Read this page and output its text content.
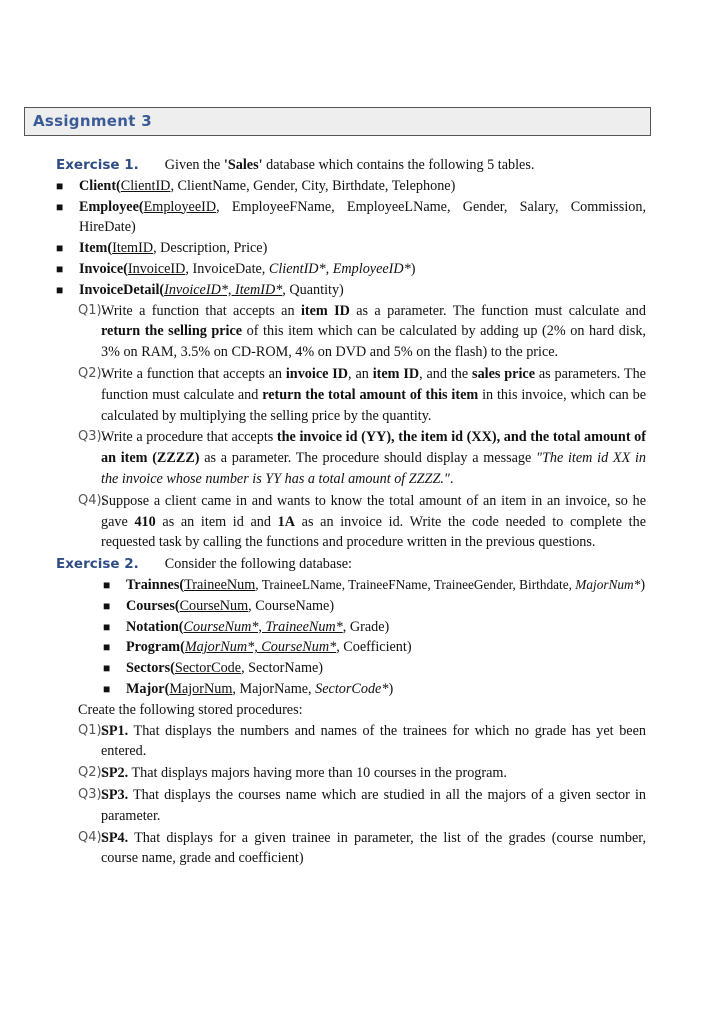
Assignment 3

Exercise 1. Given the 'Sales' database which contains the following 5 tables.

■ Client(ClientID, ClientName, Gender, City, Birthdate, Telephone)
■ Employee(EmployeeID, EmployeeFName, EmployeeLName, Gender, Salary, Commission, HireDate)
■ Item(ItemID, Description, Price)
■ Invoice(InvoiceID, InvoiceDate, ClientID*, EmployeeID*)
■ InvoiceDetail(InvoiceID*, ItemID*, Quantity)

Q1).
Write a function that accepts an item ID as a parameter. The function must calculate and return the selling price of this item which can be calculated by adding up (2% on hard disk, 3% on RAM, 3.5% on CD-ROM, 4% on DVD and 5% on the flash) to the price.

Q2).
Write a function that accepts an invoice ID, an item ID, and the sales price as parameters. The function must calculate and return the total amount of this item in this invoice, which can be calculated by multiplying the selling price by the quantity.

Q3).
Write a procedure that accepts the invoice id (YY), the item id (XX), and the total amount of an item (ZZZZ) as a parameter. The procedure should display a message "The item id XX in the invoice whose number is YY has a total amount of ZZZZ.".

Q4).
Suppose a client came in and wants to know the total amount of an item in an invoice, so he gave 410 as an item id and 1A as an invoice id. Write the code needed to complete the requested task by calling the functions and procedure written in the previous questions.

Exercise 2. Consider the following database:

■ Trainnes(TraineeNum, TraineeLName, TraineeFName, TraineeGender, Birthdate, MajorNum*)
■ Courses(CourseNum, CourseName)
■ Notation(CourseNum*, TraineeNum*, Grade)
■ Program(MajorNum*, CourseNum*, Coefficient)
■ Sectors(SectorCode, SectorName)
■ Major(MajorNum, MajorName, SectorCode*)

Create the following stored procedures:

Q1).
SP1. That displays the numbers and names of the trainees for which no grade has yet been entered.

Q2).
SP2. That displays majors having more than 10 courses in the program.

Q3).
SP3. That displays the courses name which are studied in all the majors of a given sector in parameter.

Q4).
SP4. That displays for a given trainee in parameter, the list of the grades (course number, course name, grade and coefficient)
